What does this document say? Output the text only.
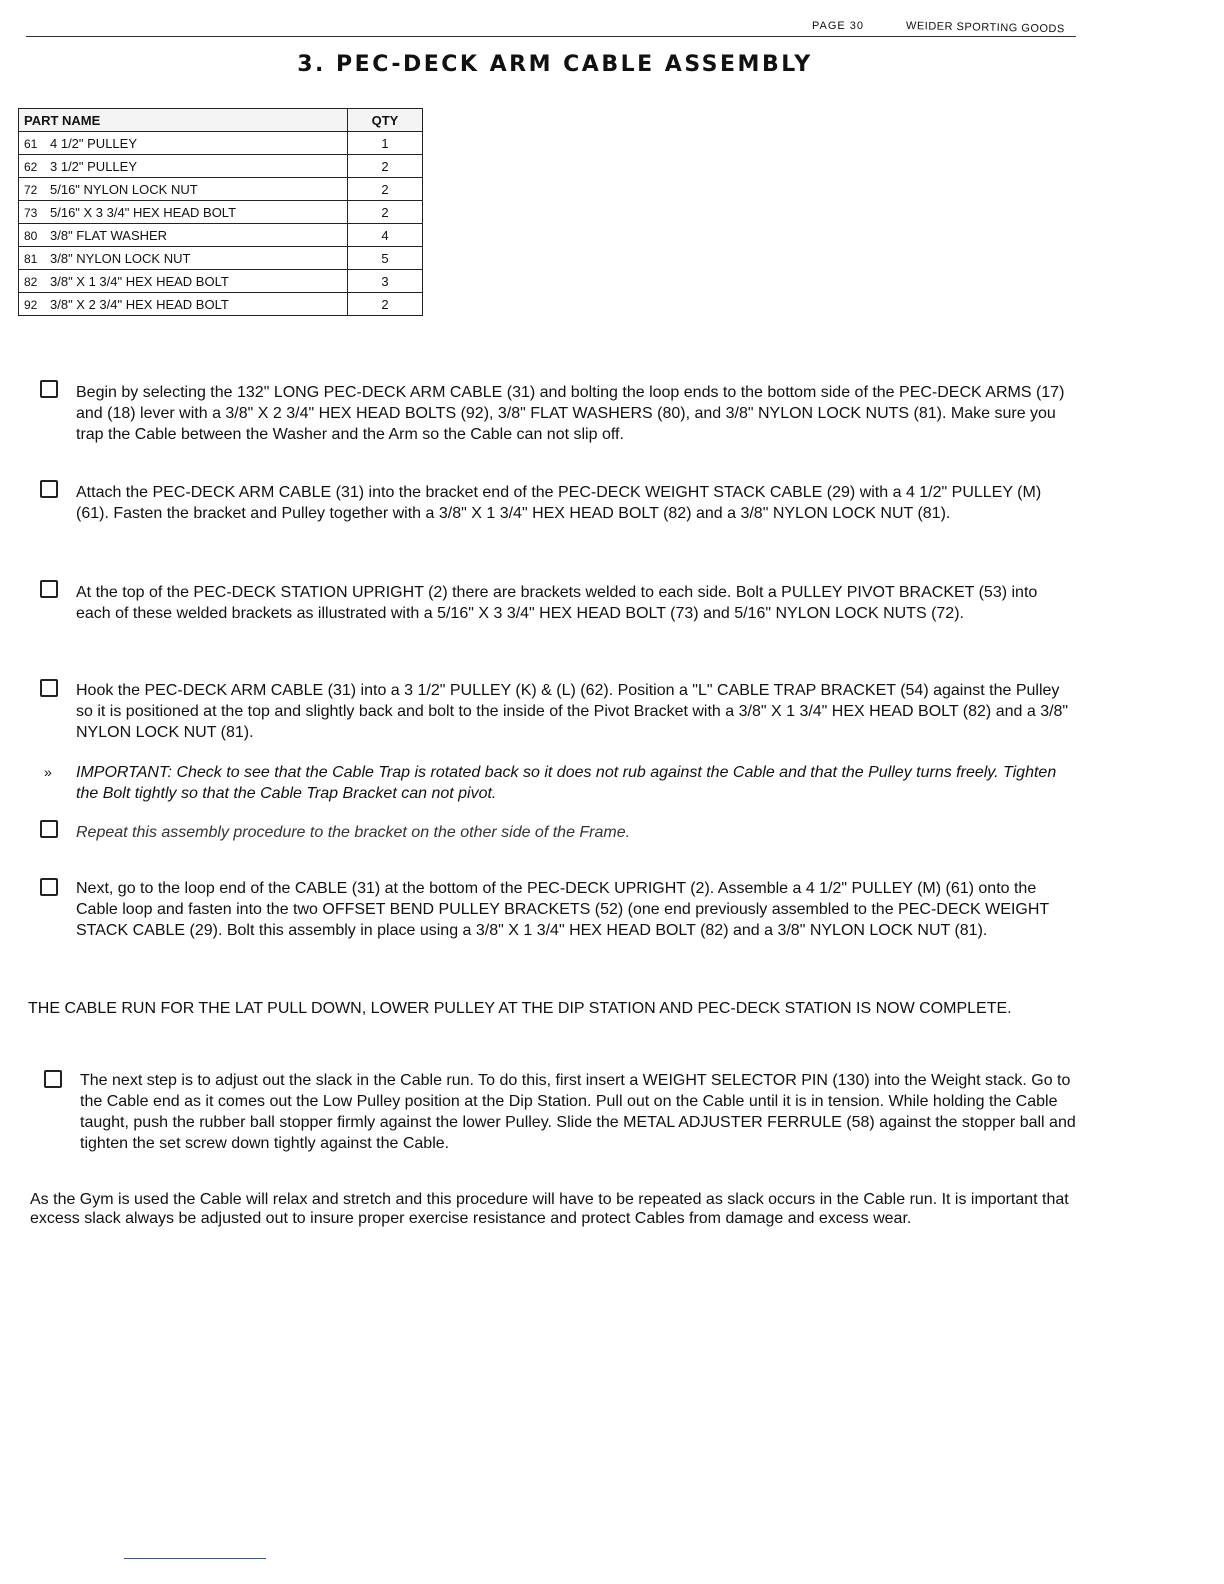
PAGE 30	WEIDER SPORTING GOODS
3. PEC-DECK ARM CABLE ASSEMBLY
PART NAME	QTY
61 4 1/2" PULLEY	1
62 3 1/2" PULLEY	2
72 5/16" NYLON LOCK NUT	2
73 5/16" X 3 3/4" HEX HEAD BOLT	2
80 3/8" FLAT WASHER	4
81 3/8" NYLON LOCK NUT	5
82 3/8" X 1 3/4" HEX HEAD BOLT	3
92 3/8" X 2 3/4" HEX HEAD BOLT	2

Begin by selecting the 132" LONG PEC-DECK ARM CABLE (31) and bolting the loop ends to the bottom side of the PEC-DECK ARMS (17) and (18) lever with a 3/8" X 2 3/4" HEX HEAD BOLTS (92), 3/8" FLAT WASHERS (80), and 3/8" NYLON LOCK NUTS (81). Make sure you trap the Cable between the Washer and the Arm so the Cable can not slip off.

Attach the PEC-DECK ARM CABLE (31) into the bracket end of the PEC-DECK WEIGHT STACK CABLE (29) with a 4 1/2" PULLEY (M) (61). Fasten the bracket and Pulley together with a 3/8" X 1 3/4" HEX HEAD BOLT (82) and a 3/8" NYLON LOCK NUT (81).

At the top of the PEC-DECK STATION UPRIGHT (2) there are brackets welded to each side. Bolt a PULLEY PIVOT BRACKET (53) into each of these welded brackets as illustrated with a 5/16" X 3 3/4" HEX HEAD BOLT (73) and 5/16" NYLON LOCK NUTS (72).

Hook the PEC-DECK ARM CABLE (31) into a 3 1/2" PULLEY (K) & (L) (62). Position a "L" CABLE TRAP BRACKET (54) against the Pulley so it is positioned at the top and slightly back and bolt to the inside of the Pivot Bracket with a 3/8" X 1 3/4" HEX HEAD BOLT (82) and a 3/8" NYLON LOCK NUT (81).

» IMPORTANT: Check to see that the Cable Trap is rotated back so it does not rub against the Cable and that the Pulley turns freely. Tighten the Bolt tightly so that the Cable Trap Bracket can not pivot.

Repeat this assembly procedure to the bracket on the other side of the Frame.

Next, go to the loop end of the CABLE (31) at the bottom of the PEC-DECK UPRIGHT (2). Assemble a 4 1/2" PULLEY (M) (61) onto the Cable loop and fasten into the two OFFSET BEND PULLEY BRACKETS (52) (one end previously assembled to the PEC-DECK WEIGHT STACK CABLE (29). Bolt this assembly in place using a 3/8" X 1 3/4" HEX HEAD BOLT (82) and a 3/8" NYLON LOCK NUT (81).

THE CABLE RUN FOR THE LAT PULL DOWN, LOWER PULLEY AT THE DIP STATION AND PEC-DECK STATION IS NOW COMPLETE.

The next step is to adjust out the slack in the Cable run. To do this, first insert a WEIGHT SELECTOR PIN (130) into the Weight stack. Go to the Cable end as it comes out the Low Pulley position at the Dip Station. Pull out on the Cable until it is in tension. While holding the Cable taught, push the rubber ball stopper firmly against the lower Pulley. Slide the METAL ADJUSTER FERRULE (58) against the stopper ball and tighten the set screw down tightly against the Cable.

As the Gym is used the Cable will relax and stretch and this procedure will have to be repeated as slack occurs in the Cable run. It is important that excess slack always be adjusted out to insure proper exercise resistance and protect Cables from damage and excess wear.
